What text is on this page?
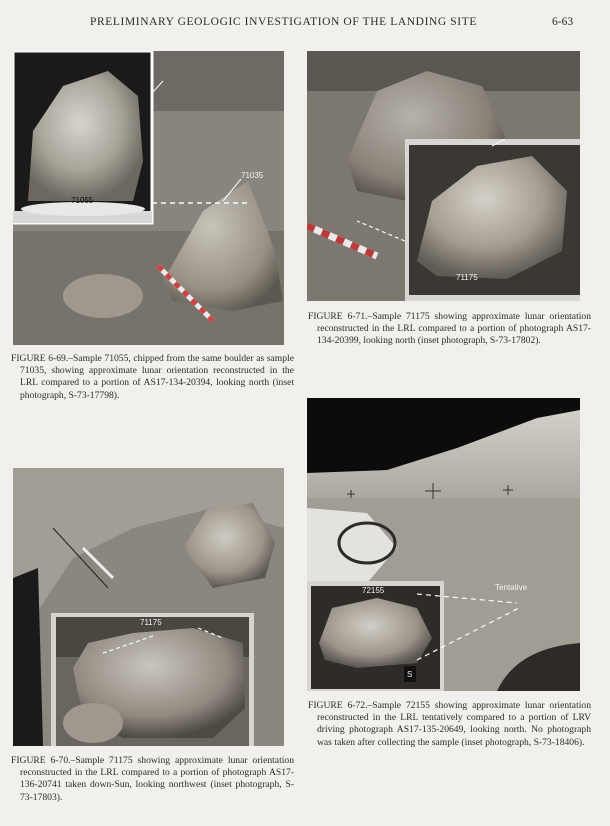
PRELIMINARY GEOLOGIC INVESTIGATION OF THE LANDING SITE	6-63
71035
71055
FIGURE 6-69.–Sample 71055, chipped from the same boulder as sample 71035, showing approximate lunar orientation reconstructed in the LRL compared to a portion of AS17-134-20394, looking north (inset photograph, S-73-17798).
71175
FIGURE 6-71.–Sample 71175 showing approximate lunar orientation reconstructed in the LRL compared to a portion of photograph AS17-134-20399, looking north (inset photograph, S-73-17802).
71175
FIGURE 6-70.–Sample 71175 showing approximate lunar orientation reconstructed in the LRL compared to a portion of photograph AS17-136-20741 taken down-Sun, looking northwest (inset photograph, S-73-17803).
72155	Tentative
S
FIGURE 6-72.–Sample 72155 showing approximate lunar orientation reconstructed in the LRL tentatively compared to a portion of LRV driving photograph AS17-135-20649, looking north. No photograph was taken after collecting the sample (inset photograph, S-73-18406).
